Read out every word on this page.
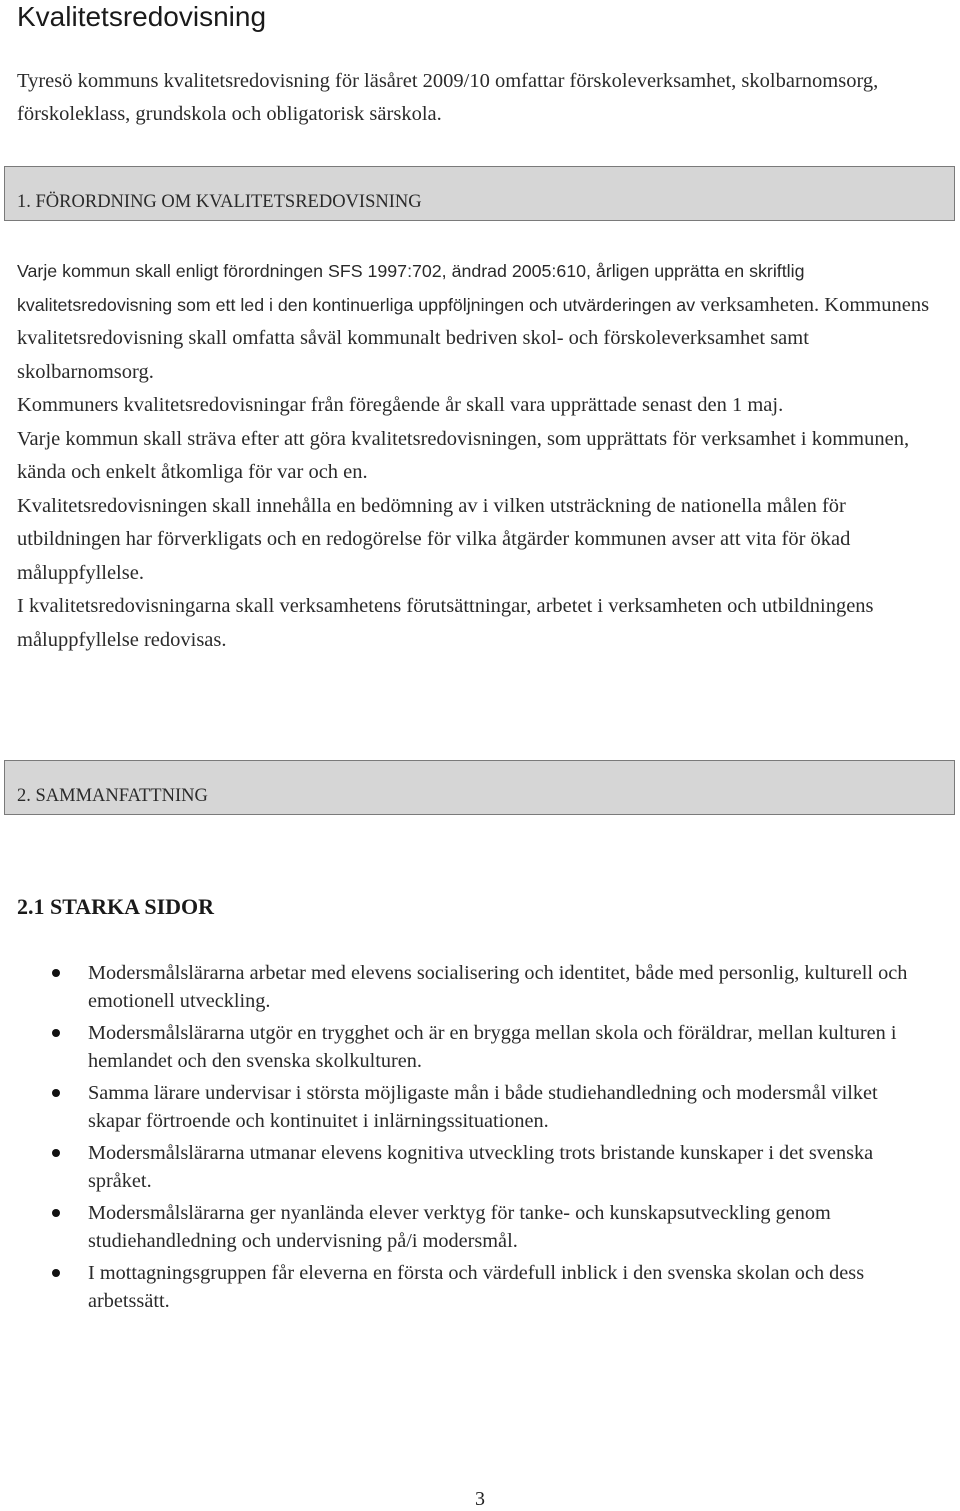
Kvalitetsredovisning

Tyresö kommuns kvalitetsredovisning för läsåret 2009/10 omfattar förskoleverksamhet, skolbarnomsorg, förskoleklass, grundskola och obligatorisk särskola.

1. FÖRORDNING OM KVALITETSREDOVISNING

Varje kommun skall enligt förordningen SFS 1997:702, ändrad 2005:610, årligen upprätta en skriftlig kvalitetsredovisning som ett led i den kontinuerliga uppföljningen och utvärderingen av verksamheten. Kommunens kvalitetsredovisning skall omfatta såväl kommunalt bedriven skol- och förskoleverksamhet samt skolbarnomsorg.

Kommuners kvalitetsredovisningar från föregående år skall vara upprättade senast den 1 maj.

Varje kommun skall sträva efter att göra kvalitetsredovisningen, som upprättats för verksamhet i kommunen, kända och enkelt åtkomliga för var och en.

Kvalitetsredovisningen skall innehålla en bedömning av i vilken utsträckning de nationella målen för utbildningen har förverkligats och en redogörelse för vilka åtgärder kommunen avser att vita för ökad måluppfyllelse.

I kvalitetsredovisningarna skall verksamhetens förutsättningar, arbetet i verksamheten och utbildningens måluppfyllelse redovisas.

2. SAMMANFATTNING
2.1 STARKA SIDOR
Modersmålslärarna arbetar med elevens socialisering och identitet, både med personlig, kulturell och emotionell utveckling.
Modersmålslärarna utgör en trygghet och är en brygga mellan skola och föräldrar, mellan kulturen i hemlandet och den svenska skolkulturen.
Samma lärare undervisar i största möjligaste mån i både studiehandledning och modersmål vilket skapar förtroende och kontinuitet i inlärningssituationen.
Modersmålslärarna utmanar elevens kognitiva utveckling trots bristande kunskaper i det svenska språket.
Modersmålslärarna ger nyanlända elever verktyg för tanke- och kunskapsutveckling genom studiehandledning och undervisning på/i modersmål.
I mottagningsgruppen får eleverna en första och värdefull inblick i den svenska skolan och dess arbetssätt.
3
